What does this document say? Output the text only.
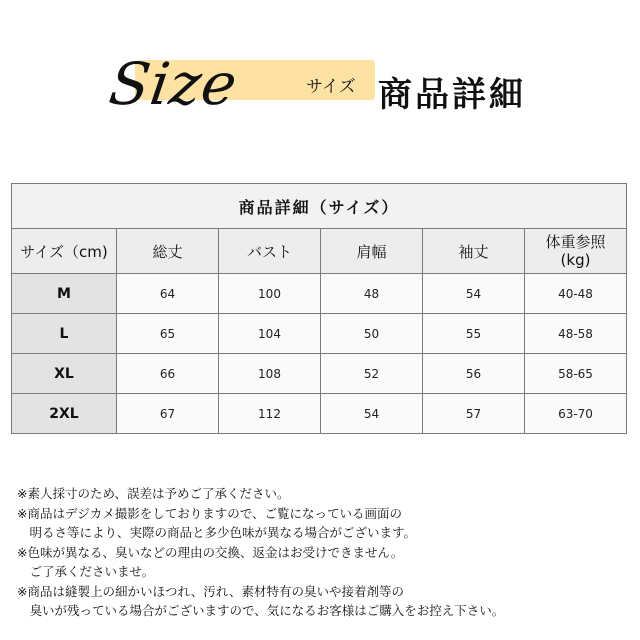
Size	サイズ 商品詳細
商品詳細（サイズ）					
サイズ（cm)	総丈	バスト	肩幅	袖丈	体重参照
(kg)

M	64	100	48	54	40-48
L	65	104	50	55	48-58
XL	66	108	52	56	58-65
2XL	67	112	54	57	63-70
※素人採寸のため、誤差は予めご了承ください。
※商品はデジカメ撮影をしておりますので、ご覧になっている画面の
　明るさ等により、実際の商品と多少色味が異なる場合がございます。
※色味が異なる、臭いなどの理由の交換、返金はお受けできません。
　ご了承くださいませ。
※商品は縫製上の細かいほつれ、汚れ、素材特有の臭いや接着剤等の
　臭いが残っている場合がございますので、気になるお客様はご購入をお控え下さい。
